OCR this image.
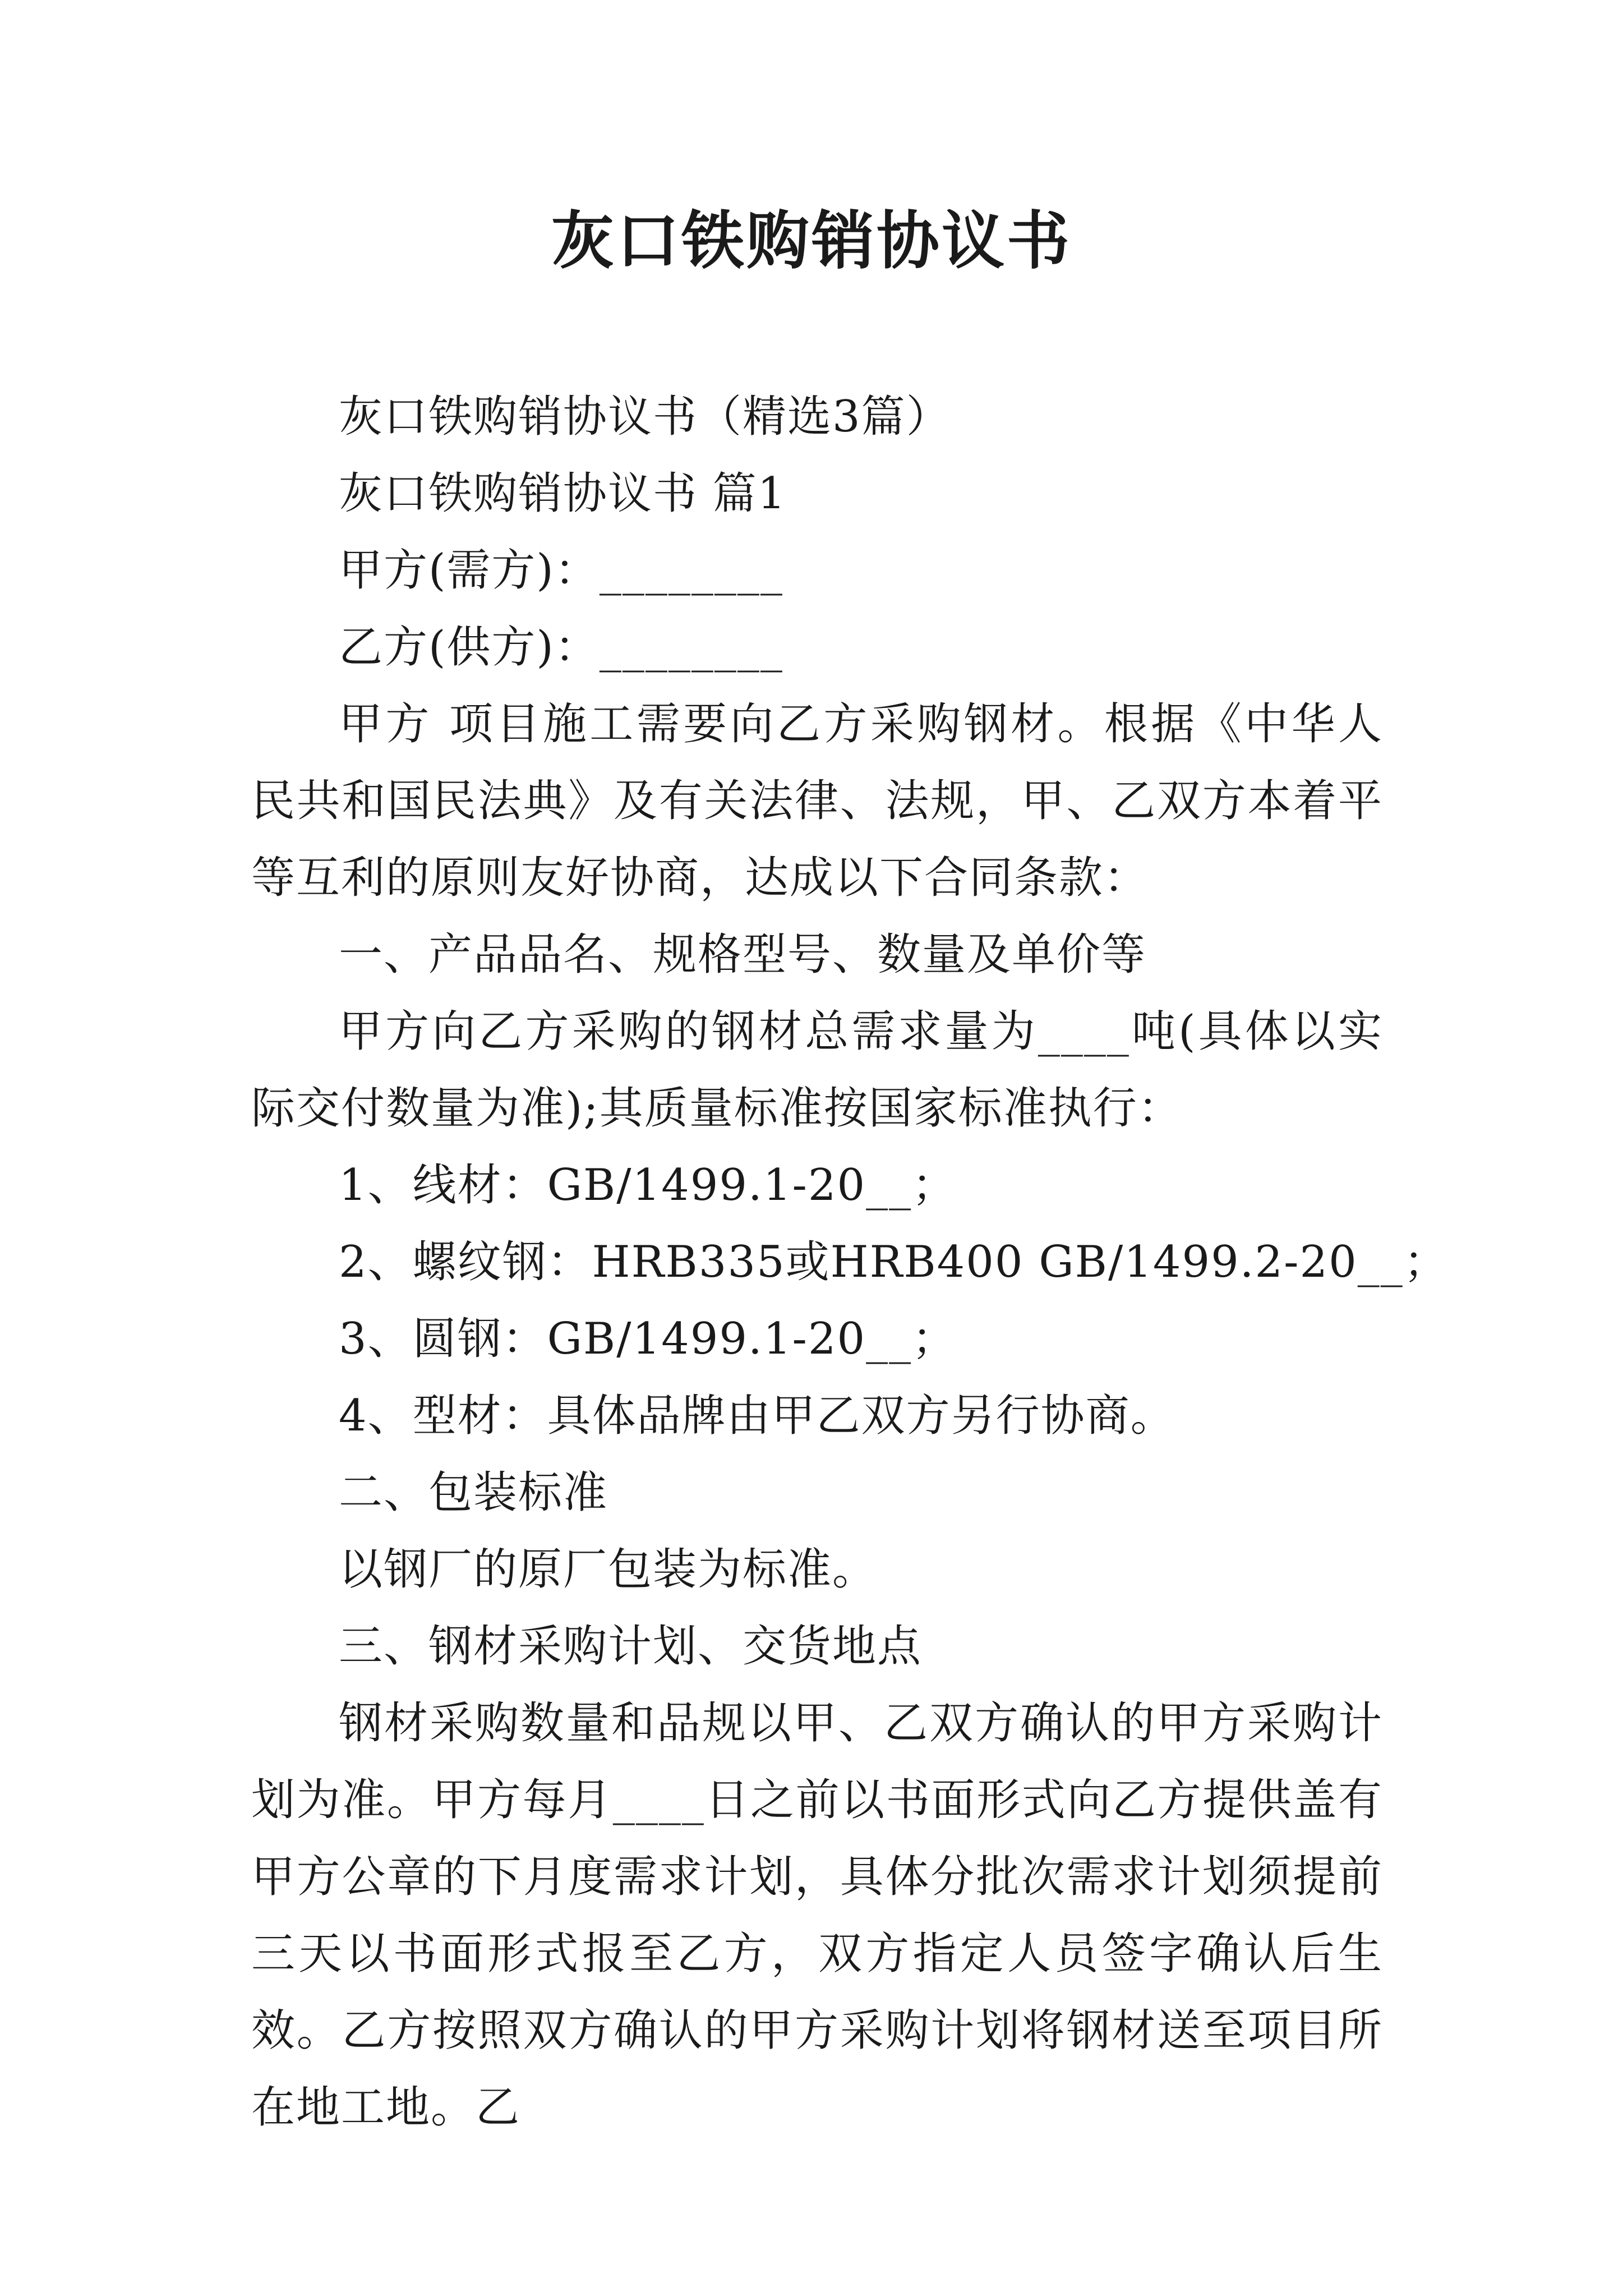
灰口铁购销协议书

灰口铁购销协议书（精选3篇）

灰口铁购销协议书 篇1

甲方(需方)：________

乙方(供方)：________

甲方 项目施工需要向乙方采购钢材。根据《中华人民共和国民法典》及有关法律、法规，甲、乙双方本着平等互利的原则友好协商，达成以下合同条款：

一、产品品名、规格型号、数量及单价等

甲方向乙方采购的钢材总需求量为____吨(具体以实际交付数量为准);其质量标准按国家标准执行：

1、线材：GB/1499.1-20__；

2、螺纹钢：HRB335或HRB400 GB/1499.2-20__；

3、圆钢：GB/1499.1-20__；

4、型材：具体品牌由甲乙双方另行协商。

二、包装标准

以钢厂的原厂包装为标准。

三、钢材采购计划、交货地点

钢材采购数量和品规以甲、乙双方确认的甲方采购计划为准。甲方每月____日之前以书面形式向乙方提供盖有甲方公章的下月度需求计划，具体分批次需求计划须提前三天以书面形式报至乙方，双方指定人员签字确认后生效。乙方按照双方确认的甲方采购计划将钢材送至项目所在地工地。乙
